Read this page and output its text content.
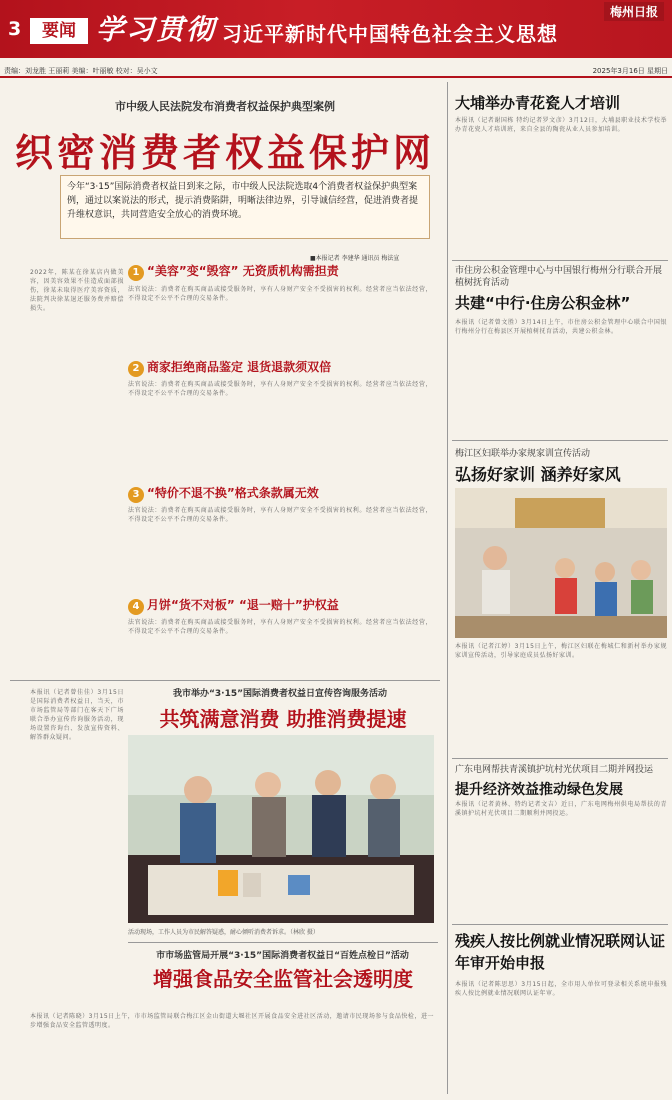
3	要闻 学习贯彻 习近平新时代中国特色社会主义思想
梅州日报
责编：刘龙胜 王丽莉 美编：叶丽敏 校对：吴小文	2025年3月16日 星期日
市中级人民法院发布消费者权益保护典型案例
织密消费者权益保护网
今年“3·15”国际消费者权益日到来之际，市中级人民法院选取4个消费者权益保护典型案例，通过以案说法的形式，提示消费陷阱，明晰法律边界，引导诚信经营，促进消费者提升维权意识，共同营造安全放心的消费环境。
■本报记者 李建华 通讯员 梅法宣
2022年，陈某在徐某店内做美容，因美容效果不佳造成面部损伤，徐某未取得医疗美容资质，法院判决徐某退还服务费并赔偿损失。
1 “美容”变“毁容” 无资质机构需担责
法官说法：消费者在购买商品或接受服务时，享有人身财产安全不受损害的权利。经营者应当依法经营，不得设定不公平不合理的交易条件。
2 商家拒绝商品鉴定 退货退款须双倍
法官说法：消费者在购买商品或接受服务时，享有人身财产安全不受损害的权利。经营者应当依法经营，不得设定不公平不合理的交易条件。
3 “特价不退不换”格式条款属无效
法官说法：消费者在购买商品或接受服务时，享有人身财产安全不受损害的权利。经营者应当依法经营，不得设定不公平不合理的交易条件。
4 月饼“货不对板” “退一赔十”护权益
法官说法：消费者在购买商品或接受服务时，享有人身财产安全不受损害的权利。经营者应当依法经营，不得设定不公平不合理的交易条件。
本报讯（记者曾佳佳）3月15日是国际消费者权益日，当天，市市场监管局等部门在客天下广场联合举办宣传咨询服务活动，现场设置咨询台、发放宣传资料、解答群众疑问。
我市举办“3·15”国际消费者权益日宣传咨询服务活动
共筑满意消费 助推消费提速
活动现场，工作人员为市民解答疑惑，耐心倾听消费者诉求。（林欣 摄）
市市场监管局开展“3·15”国际消费者权益日“百姓点检日”活动
增强食品安全监管社会透明度
本报讯（记者陈晓）3月15日上午，市市场监管局联合梅江区金山街道大堰社区开展食品安全进社区活动，邀请市民现场参与食品快检，进一步增强食品安全监管透明度。
大埔举办青花瓷人才培训
本报讯（记者谢国栋 特约记者罗文彦）3月12日，大埔县职业技术学校举办青花瓷人才培训班，来自全县的陶瓷从业人员参加培训。
市住房公积金管理中心与中国银行梅州分行联合开展植树抚育活动
共建“中行·住房公积金林”
本报讯（记者曾文胜）3月14日上午，市住房公积金管理中心联合中国银行梅州分行在梅县区开展植树抚育活动，共建公积金林。
梅江区妇联举办家规家训宣传活动
弘扬好家训 涵养好家风
本报讯（记者江婷）3月15日上午，梅江区妇联在梅城仁和新村举办家规家训宣传活动，引导家庭成员弘扬好家训。
广东电网帮扶青溪镇护坑村光伏项目二期并网投运
提升经济效益推动绿色发展
本报讯（记者黄林、特约记者文吉）近日，广东电网梅州供电局帮扶的青溪镇护坑村光伏项目二期顺利并网投运。
残疾人按比例就业情况联网认证年审开始申报
本报讯（记者陈思思）3月15日起，全市用人单位可登录相关系统申报残疾人按比例就业情况联网认证年审。
